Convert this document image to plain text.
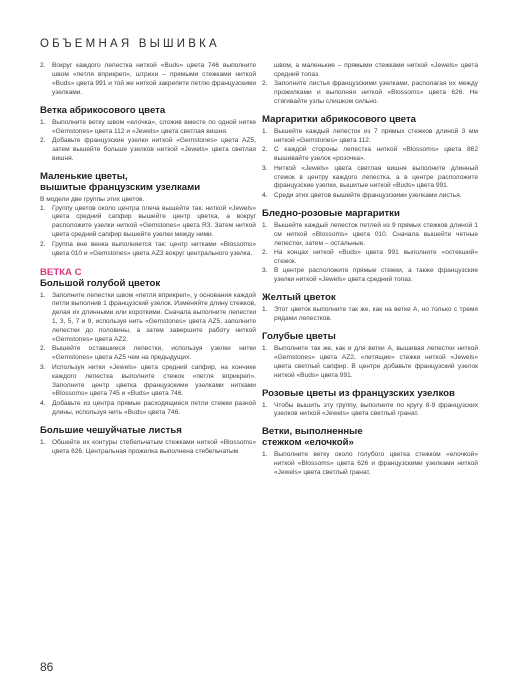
ОБЪЕМНАЯ ВЫШИВКА
2. Вокруг каждого лепестка ниткой «Buds» цвета 746 выполните швом «петля вприкреп», штрихи – прямыми стежками ниткой «Buds» цвета 991 и той же ниткой закрепите петлю французскими узелками.
Ветка абрикосового цвета
1. Выполните ветку швом «елочка», сложив вместе по одной нитке «Gemstones» цвета 112 и «Jewels» цвета светлая вишня.
2. Добавьте французские узелки ниткой «Gemstones» цвета AZ5, затем вышейте больше узелков ниткой «Jewels» цвета светлая вишня.
Маленькие цветы,
вышитые французским узелками

В модели две группы этих цветов.

1. Группу цветов около центра плеча вышейте так: ниткой «Jewels» цвета средний сапфир вышейте центр цветка, а вокруг расположите узелки ниткой «Gemstones» цвета R3. Затем ниткой цвета средний сапфир вышейте узелки между ними.
2. Группа вне венка выполняется так: центр нитками «Blossoms» цвета 010 и «Gemstones» цвета AZ3 вокруг центрального узелка.
ВЕТКА С
Большой голубой цветок
1. Заполните лепестки швом «петля вприкреп», у основания каждой петли выполнив 1 французский узелок. Изменяйте длину стежков, делая их длинными или короткими. Сначала выполните лепестки 1, 3, 5, 7 и 9, используя нить «Gemstones» цвета AZ5, заполните лепестки до половины, а затем завершите работу ниткой «Gemstones» цвета AZ2.
2. Вышейте оставшиеся лепестки, используя узелки нитки «Gemstones» цвета AZ5 чем на предыдущих.
3. Используя нитки «Jewels» цвета средний сапфир, на кончике каждого лепестка выполните стежок «петля вприкреп». Заполните центр цветка французскими узелками нитками «Blossoms» цвета 745 и «Buds» цвета 746.
4. Добавьте из центра прямые расходящиеся петли стежки разной длины, используя нить «Buds» цвета 746.
Большие чешуйчатые листья
1. Обшейте их контуры стебельчатым стежками ниткой «Blossoms» цвета 626. Центральная прожилка выполнена стебельчатым
швом, а маленькие – прямыми стежками ниткой «Jewels» цвета средний топаз.
2. Заполните листья французскими узелками, располагая их между прожилками и выполняя ниткой «Blossoms» цвета 626. Не стягивайте узлы слишком сильно.
Маргаритки абрикосового цвета
1. Вышейте каждый лепесток из 7 прямых стежков длиной 3 мм ниткой «Gemstones» цвета 112.
2. С каждой стороны лепестка ниткой «Blossoms» цвета 862 вышивайте узелок «розочка».
3. Ниткой «Jewels» цвета светлая вишня выполните длинный стежок в центру каждого лепестка, а в центре расположите французские узелки, вышитые ниткой «Buds» цвета 991.
4. Среди этих цветов вышейте французскими узелками листья.
Бледно-розовые маргаритки
1. Вышейте каждый лепесток петлей из 9 прямых стежков длиной 1 см ниткой «Blossoms» цвета 010. Сначала вышейте четные лепестки, затем – остальные.
2. На концах ниткой «Buds» цвета 991 выполните «остекший» стежок.
3. В центре расположите прямые стежки, а также французские узелки ниткой «Jewels» цвета средний топаз.
Желтый цветок
1. Этот цветок выполните так же, как на ветке А, но только с тремя рядами лепестков.
Голубые цветы
1. Выполните так же, как и для ветки А, вышивая лепестки ниткой «Gemstones» цвета AZ2, «летящие» стежки ниткой «Jewels» цвета светлый сапфир. В центре добавьте французский узелок ниткой «Buds» цвета 991.
Розовые цветы из французских узелков
1. Чтобы вышить эту группу, выполните по кругу 8-9 французских узелков ниткой «Jewels» цвета светлый гранат.
Ветки, выполненные
стежком «елочкой»
1. Выполните ветку около голубого цветка стежком «елочкой» ниткой «Blossoms» цвета 626 и французскими узелками ниткой «Jewels» цвета светлый гранат.
86
